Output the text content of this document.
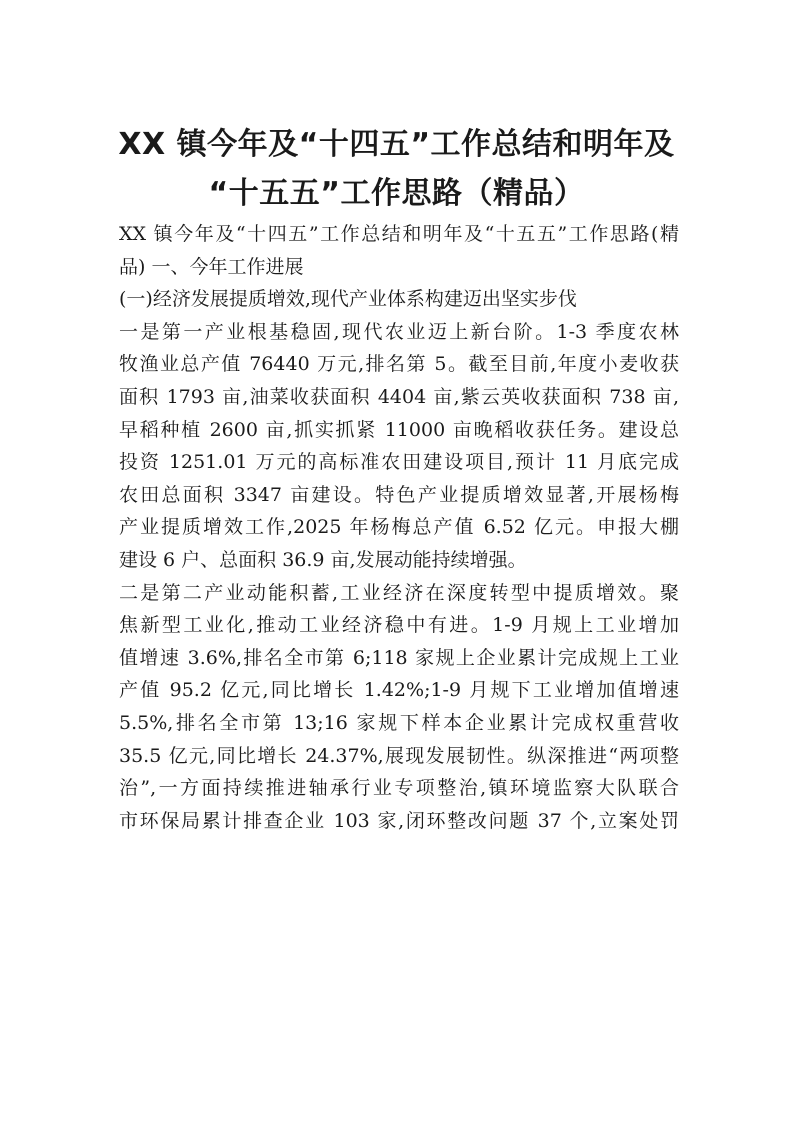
XX 镇今年及“十四五”工作总结和明年及
“十五五”工作思路（精品）
XX 镇今年及“十四五”工作总结和明年及“十五五”工作思路(精
品) 一、今年工作进展
(一)经济发展提质增效,现代产业体系构建迈出坚实步伐
一是第一产业根基稳固,现代农业迈上新台阶。1-3 季度农林
牧渔业总产值 76440 万元,排名第 5。截至目前,年度小麦收获
面积 1793 亩,油菜收获面积 4404 亩,紫云英收获面积 738 亩,
早稻种植 2600 亩,抓实抓紧 11000 亩晚稻收获任务。建设总
投资 1251.01 万元的高标准农田建设项目,预计 11 月底完成
农田总面积 3347 亩建设。特色产业提质增效显著,开展杨梅
产业提质增效工作,2025 年杨梅总产值 6.52 亿元。申报大棚
建设 6 户、总面积 36.9 亩,发展动能持续增强。
二是第二产业动能积蓄,工业经济在深度转型中提质增效。聚
焦新型工业化,推动工业经济稳中有进。1-9 月规上工业增加
值增速 3.6%,排名全市第 6;118 家规上企业累计完成规上工业
产值 95.2 亿元,同比增长 1.42%;1-9 月规下工业增加值增速
5.5%,排名全市第 13;16 家规下样本企业累计完成权重营收
35.5 亿元,同比增长 24.37%,展现发展韧性。纵深推进“两项整
治”,一方面持续推进轴承行业专项整治,镇环境监察大队联合
市环保局累计排查企业 103 家,闭环整改问题 37 个,立案处罚
